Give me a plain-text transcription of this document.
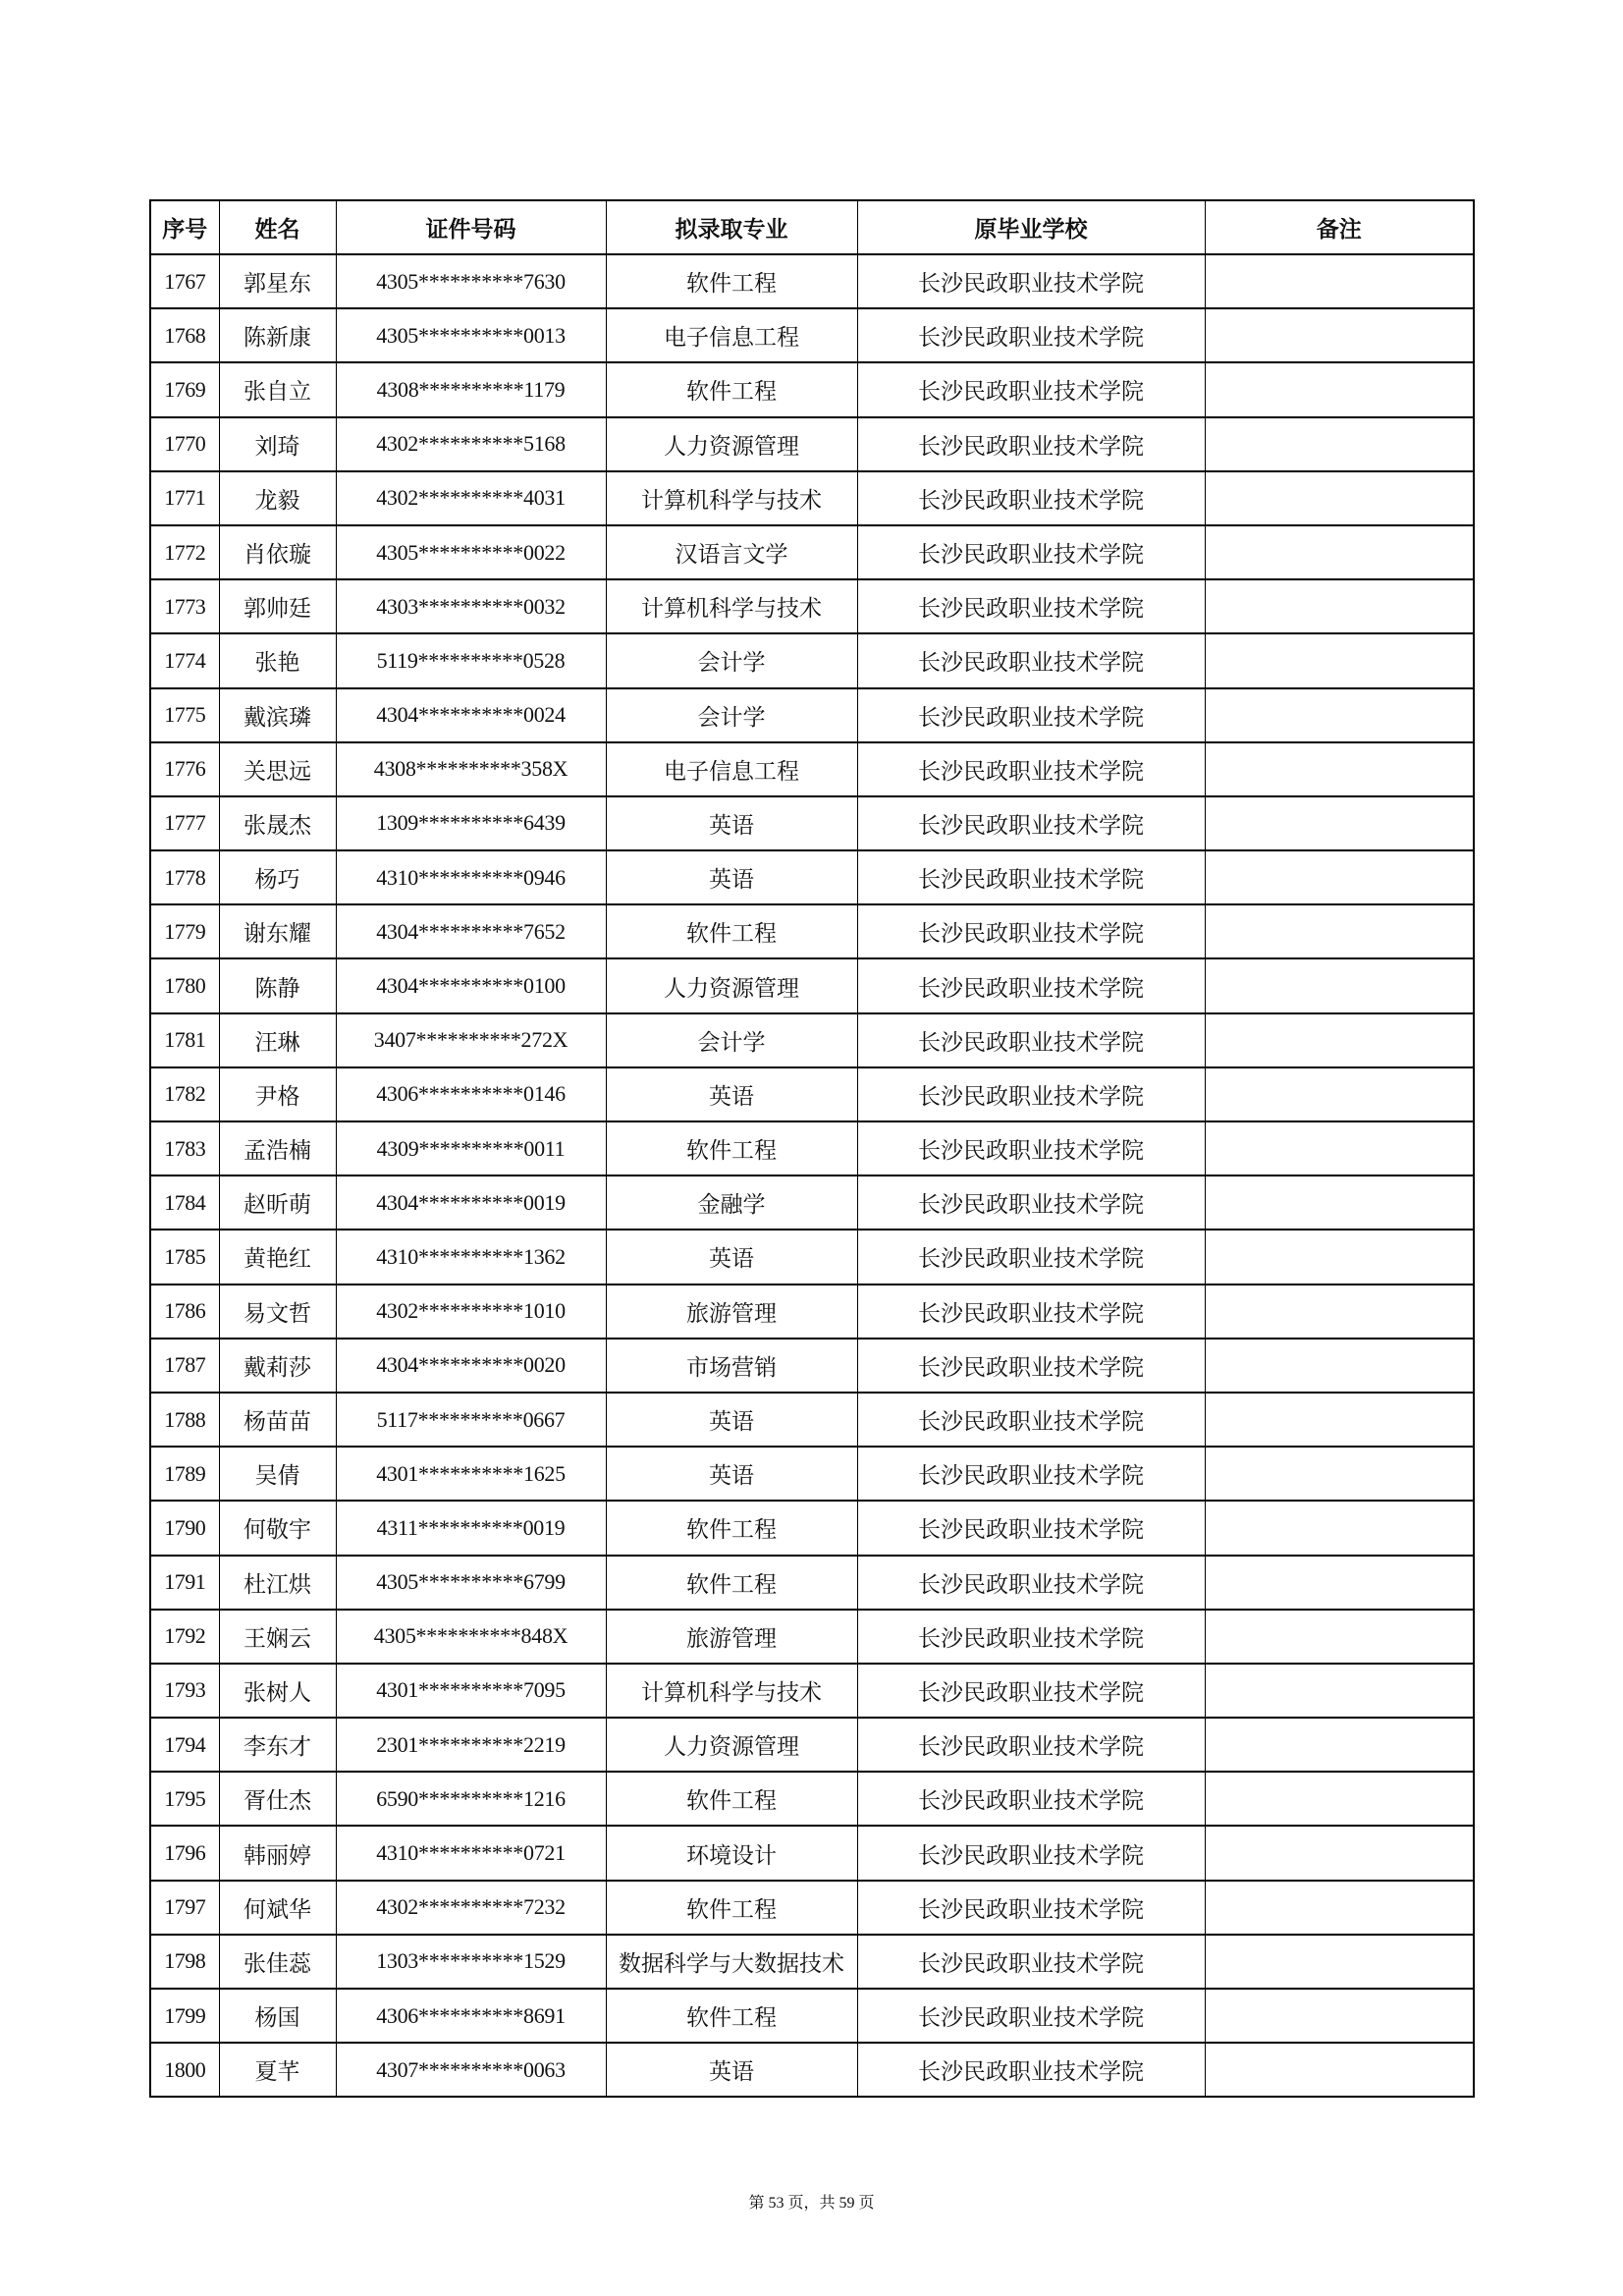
序号	姓名	证件号码	拟录取专业	原毕业学校	备注
1767	郭星东	4305**********7630	软件工程	长沙民政职业技术学院	
1768	陈新康	4305**********0013	电子信息工程	长沙民政职业技术学院	
1769	张自立	4308**********1179	软件工程	长沙民政职业技术学院	
1770	刘琦	4302**********5168	人力资源管理	长沙民政职业技术学院	
1771	龙毅	4302**********4031	计算机科学与技术	长沙民政职业技术学院	
1772	肖依璇	4305**********0022	汉语言文学	长沙民政职业技术学院	
1773	郭帅廷	4303**********0032	计算机科学与技术	长沙民政职业技术学院	
1774	张艳	5119**********0528	会计学	长沙民政职业技术学院	
1775	戴滨璘	4304**********0024	会计学	长沙民政职业技术学院	
1776	关思远	4308**********358X	电子信息工程	长沙民政职业技术学院	
1777	张晟杰	1309**********6439	英语	长沙民政职业技术学院	
1778	杨巧	4310**********0946	英语	长沙民政职业技术学院	
1779	谢东耀	4304**********7652	软件工程	长沙民政职业技术学院	
1780	陈静	4304**********0100	人力资源管理	长沙民政职业技术学院	
1781	汪琳	3407**********272X	会计学	长沙民政职业技术学院	
1782	尹格	4306**********0146	英语	长沙民政职业技术学院	
1783	孟浩楠	4309**********0011	软件工程	长沙民政职业技术学院	
1784	赵昕萌	4304**********0019	金融学	长沙民政职业技术学院	
1785	黄艳红	4310**********1362	英语	长沙民政职业技术学院	
1786	易文哲	4302**********1010	旅游管理	长沙民政职业技术学院	
1787	戴莉莎	4304**********0020	市场营销	长沙民政职业技术学院	
1788	杨苗苗	5117**********0667	英语	长沙民政职业技术学院	
1789	吴倩	4301**********1625	英语	长沙民政职业技术学院	
1790	何敬宇	4311**********0019	软件工程	长沙民政职业技术学院	
1791	杜江烘	4305**********6799	软件工程	长沙民政职业技术学院	
1792	王娴云	4305**********848X	旅游管理	长沙民政职业技术学院	
1793	张树人	4301**********7095	计算机科学与技术	长沙民政职业技术学院	
1794	李东才	2301**********2219	人力资源管理	长沙民政职业技术学院	
1795	胥仕杰	6590**********1216	软件工程	长沙民政职业技术学院	
1796	韩丽婷	4310**********0721	环境设计	长沙民政职业技术学院	
1797	何斌华	4302**********7232	软件工程	长沙民政职业技术学院	
1798	张佳蕊	1303**********1529	数据科学与大数据技术	长沙民政职业技术学院	
1799	杨国	4306**********8691	软件工程	长沙民政职业技术学院	
1800	夏芊	4307**********0063	英语	长沙民政职业技术学院	
第 53 页，共 59 页
